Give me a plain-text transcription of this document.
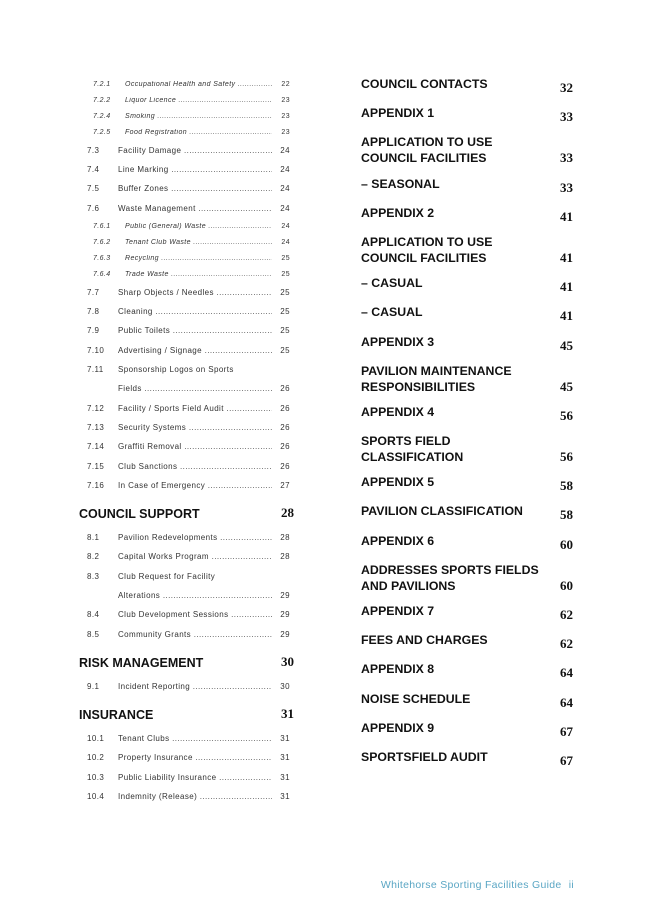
7.2.1	Occupational Health and Safety .....	22
7.2.2	Liquor Licence .....	23
7.2.4	Smoking .....	23
7.2.5	Food Registration .....	23
7.3	Facility Damage .....	24
7.4	Line Marking .....	24
7.5	Buffer Zones .....	24
7.6	Waste Management .....	24
7.6.1	Public (General) Waste .....	24
7.6.2	Tenant Club Waste .....	24
7.6.3	Recycling .....	25
7.6.4	Trade Waste .....	25
7.7	Sharp Objects / Needles .....	25
7.8	Cleaning .....	25
7.9	Public Toilets .....	25
7.10	Advertising / Signage .....	25
7.11	Sponsorship Logos on Sports
Fields .....	26
7.12	Facility / Sports Field Audit .....	26
7.13	Security Systems .....	26
7.14	Graffiti Removal .....	26
7.15	Club Sanctions .....	26
7.16	In Case of Emergency .....	27
COUNCIL SUPPORT	28
8.1	Pavilion Redevelopments .....	28
8.2	Capital Works Program .....	28
8.3	Club Request for Facility
Alterations .....	29
8.4	Club Development Sessions .....	29
8.5	Community Grants .....	29
RISK MANAGEMENT	30
9.1	Incident Reporting .....	30
INSURANCE	31
10.1	Tenant Clubs .....	31
10.2	Property Insurance .....	31
10.3	Public Liability Insurance .....	31
10.4	Indemnity (Release) .....	31
COUNCIL CONTACTS	32
APPENDIX 1	33
APPLICATION TO USE COUNCIL FACILITIES	33
– SEASONAL	33
APPENDIX 2	41
APPLICATION TO USE COUNCIL FACILITIES	41
– CASUAL	41
– CASUAL	41
APPENDIX 3	45
PAVILION MAINTENANCE RESPONSIBILITIES	45
APPENDIX 4	56
SPORTS FIELD CLASSIFICATION	56
APPENDIX 5	58
PAVILION CLASSIFICATION	58
APPENDIX 6	60
ADDRESSES SPORTS FIELDS AND PAVILIONS	60
APPENDIX 7	62
FEES AND CHARGES	62
APPENDIX 8	64
NOISE SCHEDULE	64
APPENDIX 9	67
SPORTSFIELD AUDIT	67
Whitehorse Sporting Facilities Guide ii
